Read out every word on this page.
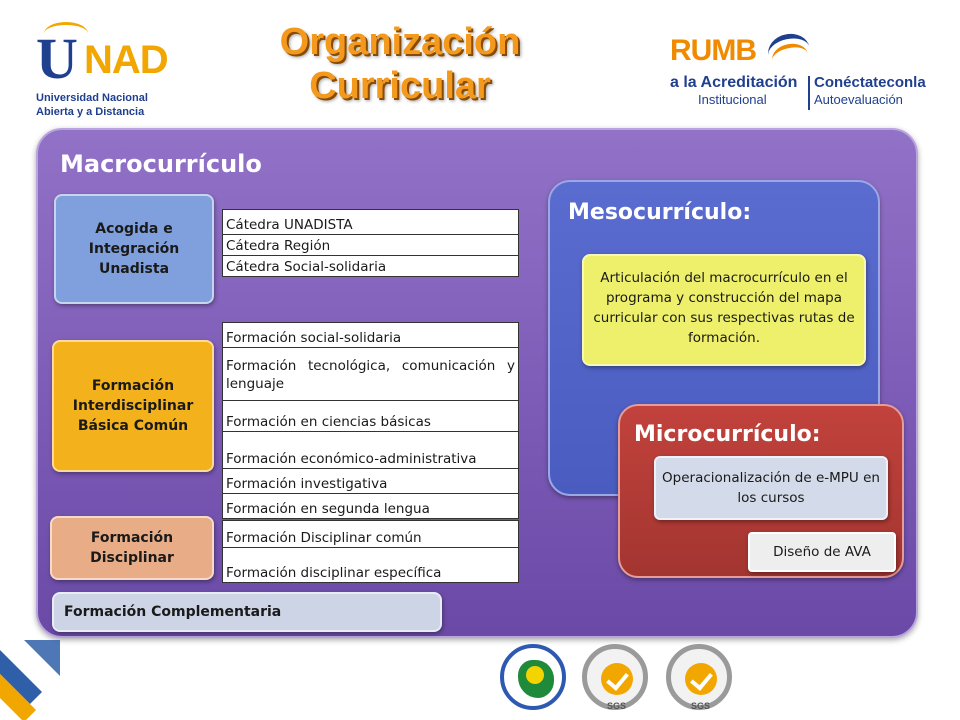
U NAD
Universidad Nacional
Abierta y a Distancia
Organización
Curricular
RUMB
a la Acreditación
Institucional
Conéctateconla
Autoevaluación
Macrocurrículo
Acogida e Integración Unadista
Cátedra UNADISTA
Cátedra Región
Cátedra Social-solidaria
Formación Interdisciplinar Básica Común
Formación social-solidaria
Formación tecnológica, comunicación y lenguaje
Formación en ciencias básicas
Formación económico-administrativa
Formación investigativa
Formación en segunda lengua
Formación Disciplinar
Formación Disciplinar común
Formación disciplinar específica
Formación Complementaria
Mesocurrículo:
Articulación del macrocurrículo en el programa y construcción del mapa curricular con sus respectivas rutas de formación.
Microcurrículo:
Operacionalización de e-MPU en los cursos
Diseño de AVA
SGS	SGS
